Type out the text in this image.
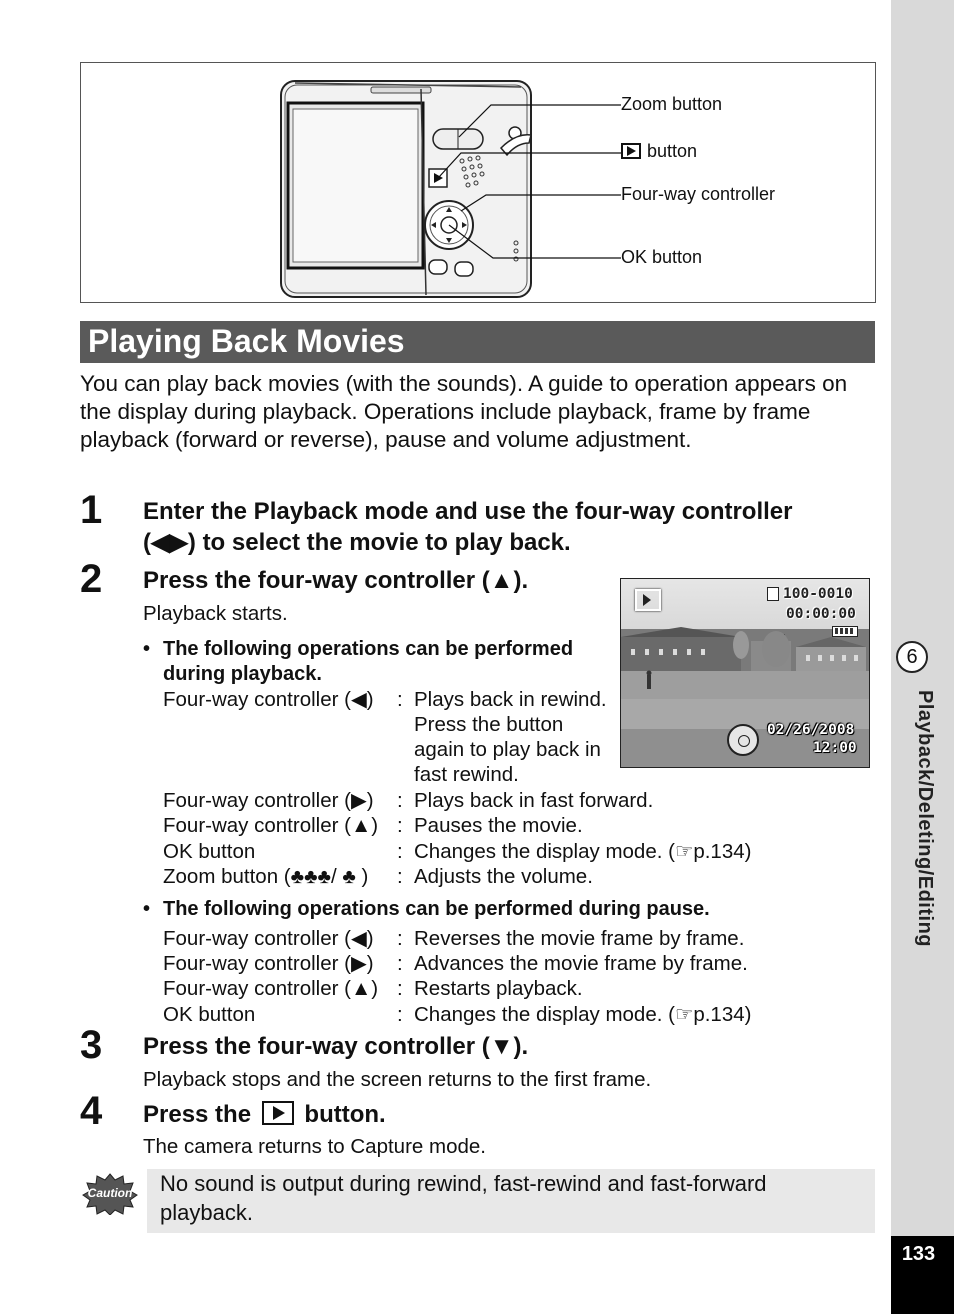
6
Playback/Deleting/Editing
133
Zoom button
button
Four-way controller
OK button
Playing Back Movies
You can play back movies (with the sounds). A guide to operation appears on the display during playback. Operations include playback, frame by frame playback (forward or reverse), pause and volume adjustment.
1 Enter the Playback mode and use the four-way controller (◀▶) to select the movie to play back.
2 Press the four-way controller (▲).
Playback starts.
100-0010
00:00:00
02/26/2008
12:00
• The following operations can be performed during playback.
Four-way controller (◀) : Plays back in rewind. Press the button again to play back in fast rewind.
Four-way controller (▶) : Plays back in fast forward.
Four-way controller (▲) : Pauses the movie.
OK button	: Changes the display mode. (☞p.134)
Zoom button (♣♣♣/ ♣ ) : Adjusts the volume.
• The following operations can be performed during pause.
Four-way controller (◀) : Reverses the movie frame by frame.
Four-way controller (▶) : Advances the movie frame by frame.
Four-way controller (▲) : Restarts playback.
OK button	: Changes the display mode. (☞p.134)
3 Press the four-way controller (▼).
Playback stops and the screen returns to the first frame.
4 Press the button.
The camera returns to Capture mode.
Caution No sound is output during rewind, fast-rewind and fast-forward playback.
